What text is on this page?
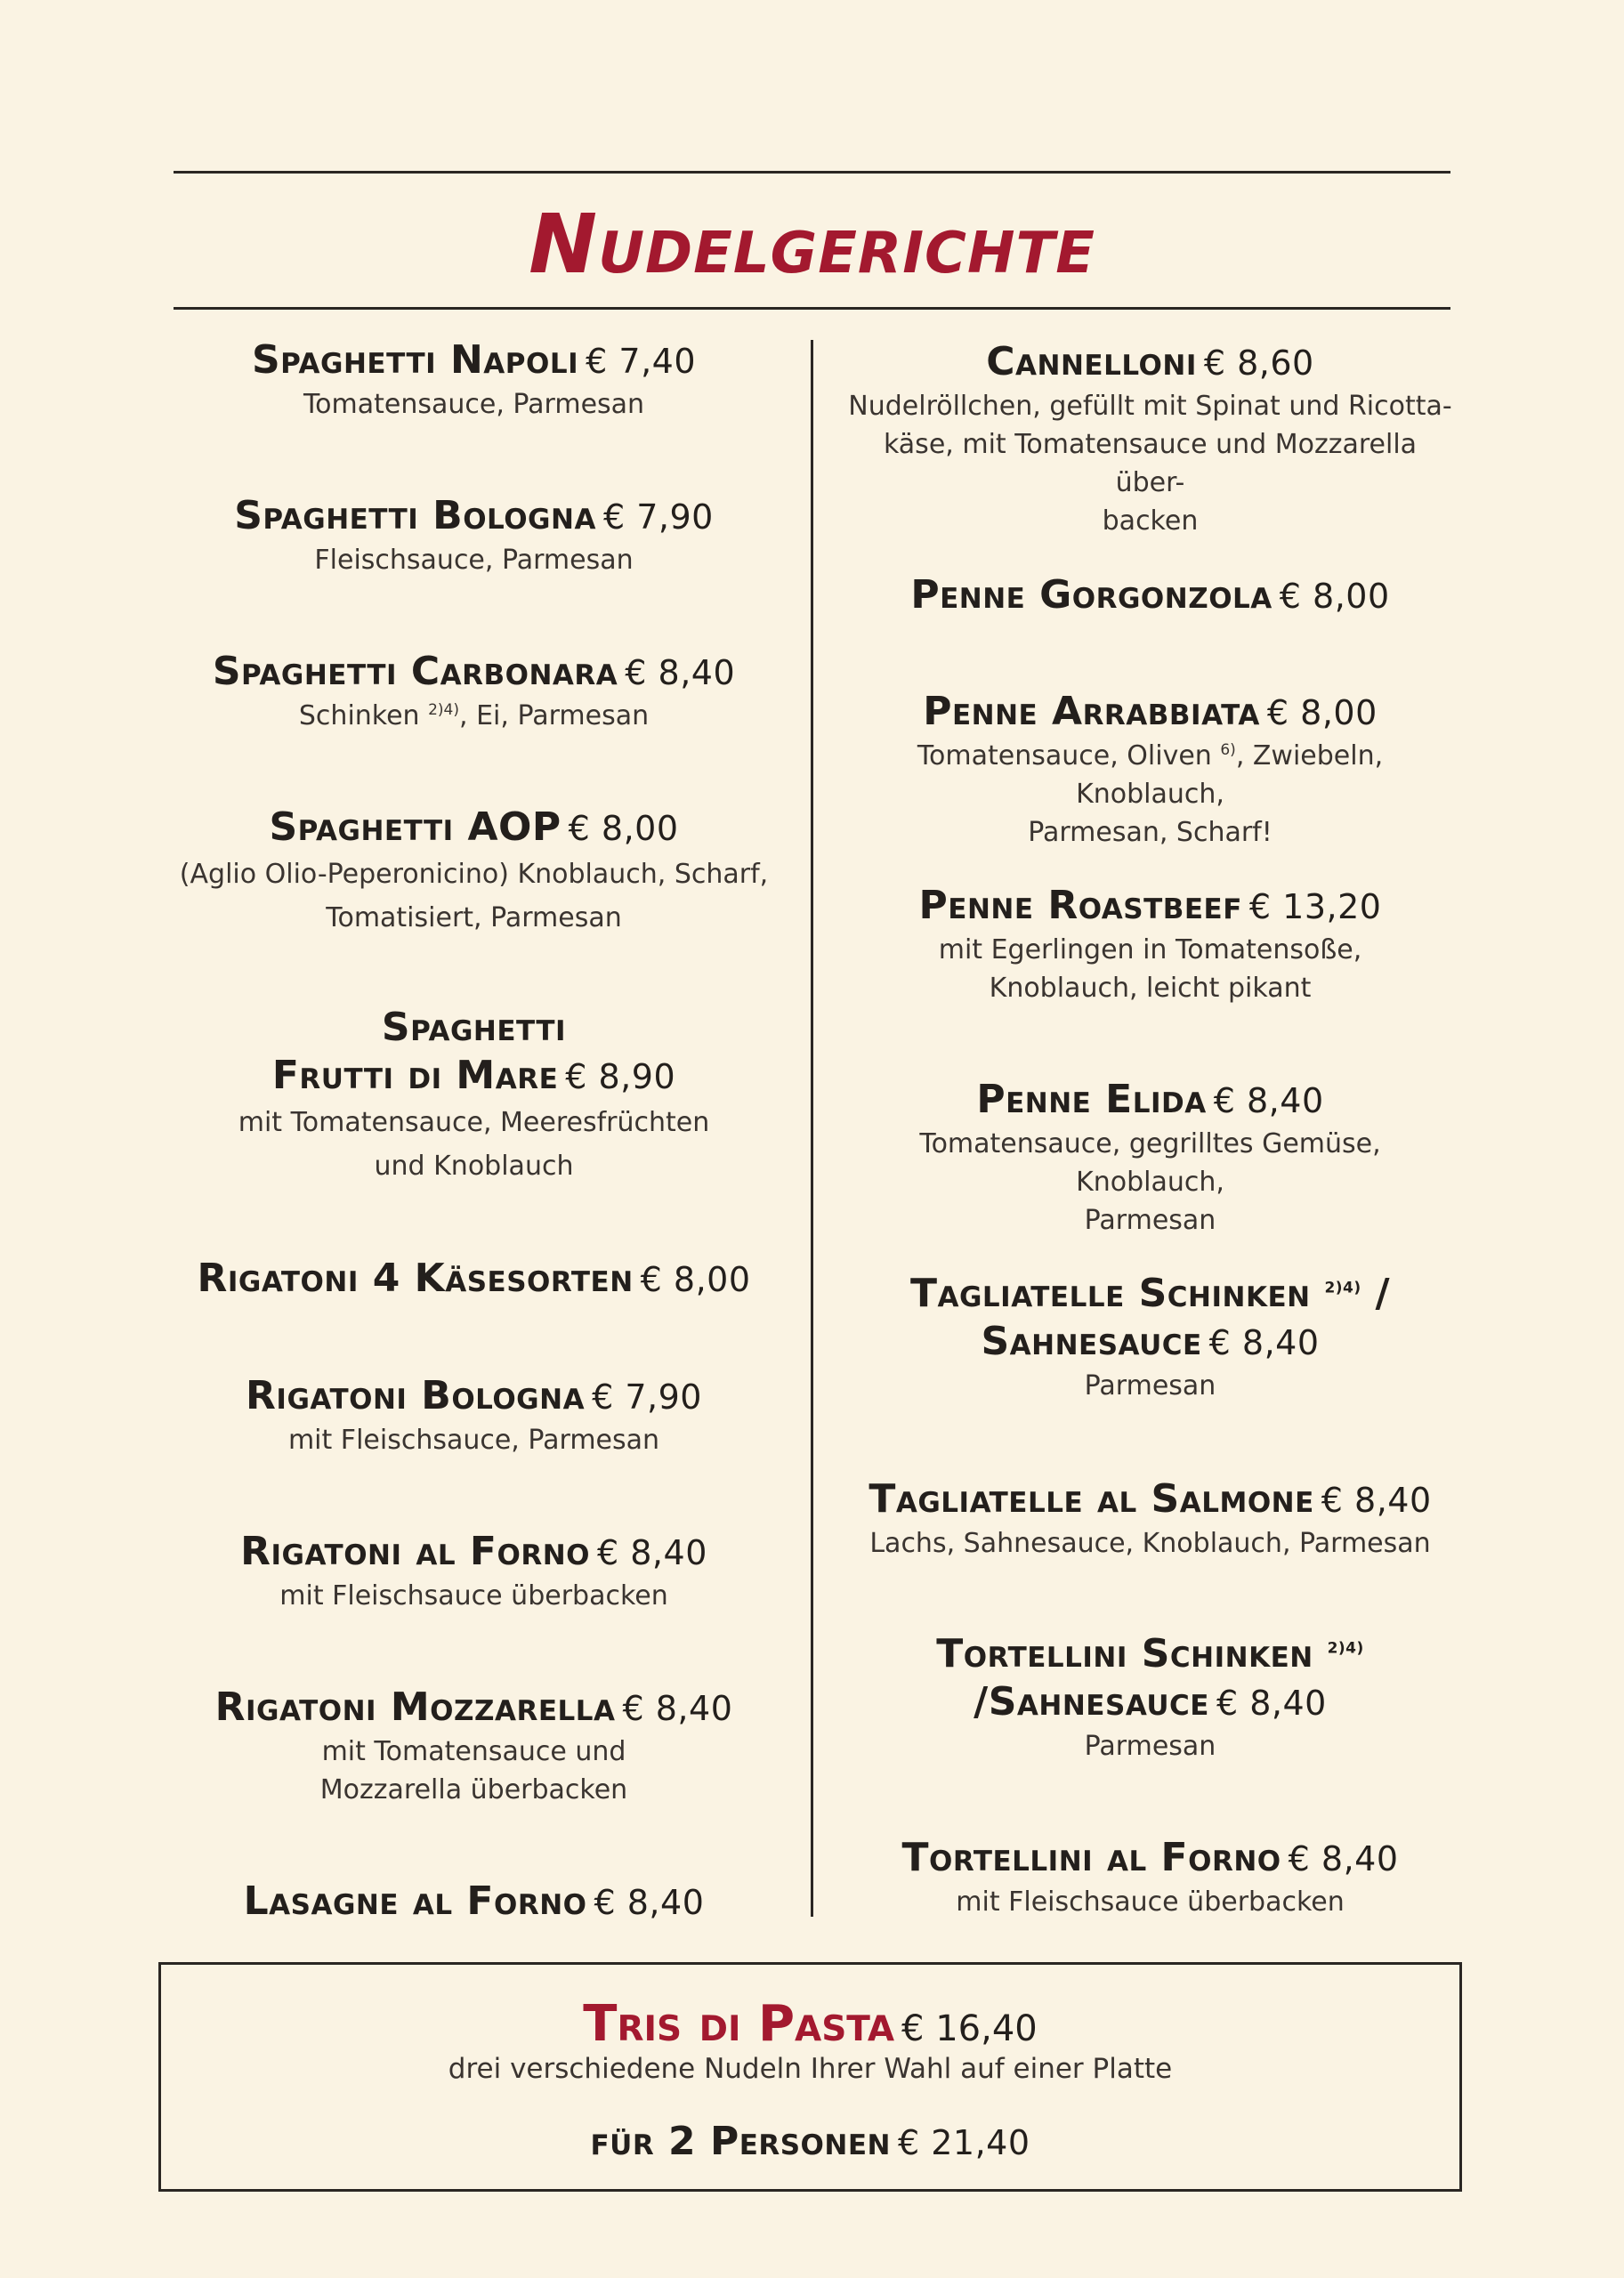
Nudelgerichte
Spaghetti Napoli € 7,40
Tomatensauce, Parmesan
Spaghetti Bologna € 7,90
Fleischsauce, Parmesan
Spaghetti Carbonara € 8,40
Schinken $^{2)4)}$, Ei, Parmesan
Spaghetti AOP € 8,00
(Aglio Olio-Peperonicino) Knoblauch, Scharf,
Tomatisiert, Parmesan
Spaghetti
Frutti di Mare € 8,90
mit Tomatensauce, Meeresfrüchten
und Knoblauch
Rigatoni 4 Käsesorten € 8,00
Rigatoni Bologna € 7,90
mit Fleischsauce, Parmesan
Rigatoni al Forno € 8,40
mit Fleischsauce überbacken
Rigatoni Mozzarella € 8,40
mit Tomatensauce und
Mozzarella überbacken
Lasagne al Forno € 8,40
Cannelloni € 8,60
Nudelröllchen, gefüllt mit Spinat und Ricotta-
käse, mit Tomatensauce und Mozzarella über-
backen
Penne Gorgonzola € 8,00
Penne Arrabbiata € 8,00
Tomatensauce, Oliven $^{6)}$, Zwiebeln, Knoblauch,
Parmesan, Scharf!
Penne Roastbeef € 13,20
mit Egerlingen in Tomatensoße,
Knoblauch, leicht pikant
Penne Elida € 8,40
Tomatensauce, gegrilltes Gemüse, Knoblauch,
Parmesan
Tagliatelle Schinken $^{2)4)}$ /
Sahnesauce € 8,40
Parmesan
Tagliatelle al Salmone € 8,40
Lachs, Sahnesauce, Knoblauch, Parmesan
Tortellini Schinken $^{2)4)}$
/Sahnesauce € 8,40
Parmesan
Tortellini al Forno € 8,40
mit Fleischsauce überbacken
Tris di Pasta € 16,40
drei verschiedene Nudeln Ihrer Wahl auf einer Platte
für 2 Personen € 21,40
